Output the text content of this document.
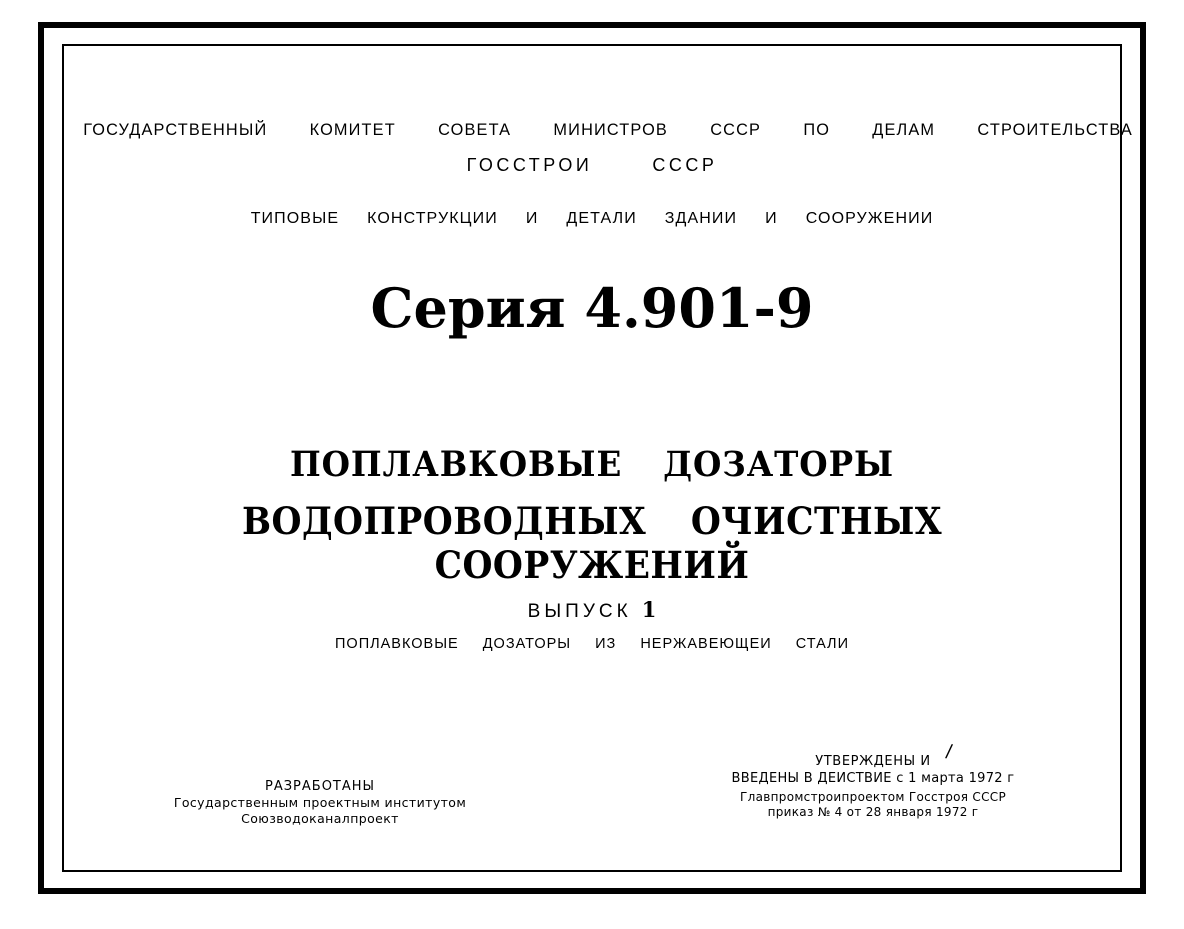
ГОСУДАРСТВЕННЫЙ КОМИТЕТ СОВЕТА МИНИСТРОВ СССР ПО ДЕЛАМ СТРОИТЕЛЬСТВА
ГОССТРОИ	СССР
ТИПОВЫЕ КОНСТРУКЦИИ И ДЕТАЛИ ЗДАНИИ И СООРУЖЕНИИ
Серия 4.901-9
ПОПЛАВКОВЫЕ ДОЗАТОРЫ
ВОДОПРОВОДНЫХ ОЧИСТНЫХСООРУЖЕНИЙ
ВЫПУСК 1
ПОПЛАВКОВЫЕ ДОЗАТОРЫ ИЗ НЕРЖАВЕЮЩЕИ СТАЛИ
РАЗРАБОТАНЫ
Государственным проектным институтом
Союзводоканалпроект
/
УТВЕРЖДЕНЫ И
ВВЕДЕНЫ В ДЕИСТВИЕ с 1 марта 1972 г
Главпромстроипроектом Госстроя СССР
приказ № 4 от 28 января 1972 г
